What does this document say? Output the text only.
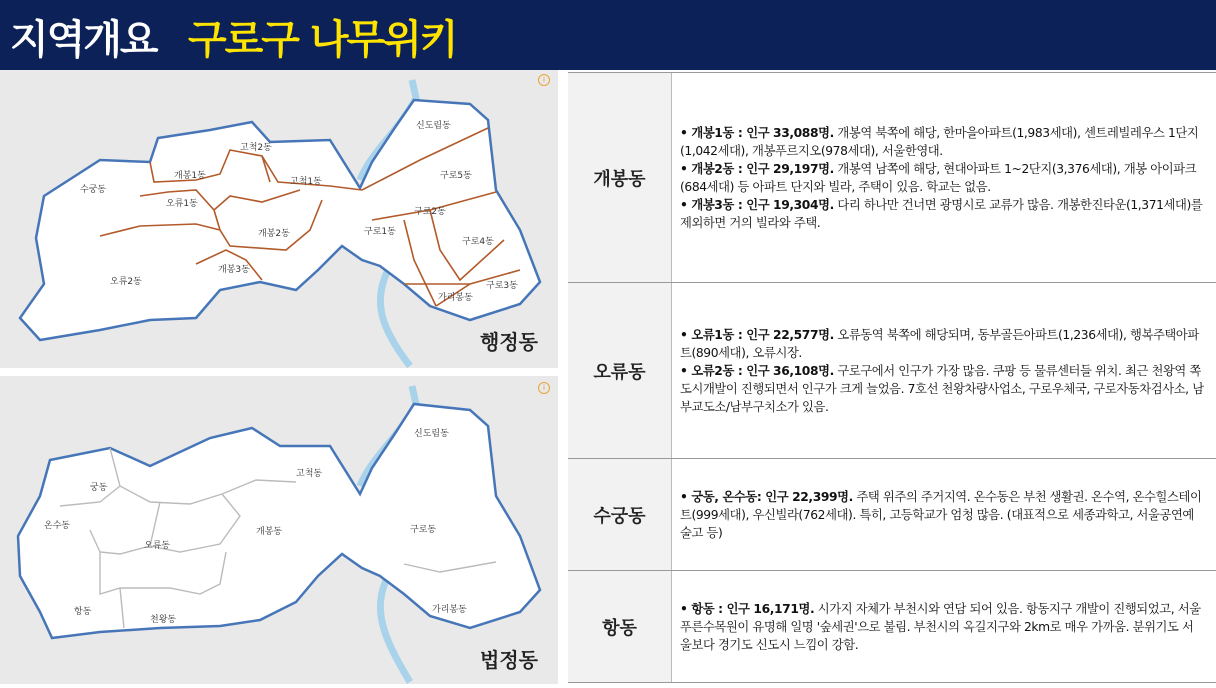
지역개요 구로구 나무위키
i
신도림동
고척2동
개봉1동
고척1동
수궁동
오류1동
구로5동
구로2동
구로1동
개봉2동
구로4동
개봉3동
오류2동	구로3동
가리봉동
행정동
i
신도림동
고척동
궁동
온수동
오류동
개봉동	구로동
항동
천왕동
가리봉동
법정동
개봉동
• 개봉1동 : 인구 33,088명. 개봉역 북쪽에 해당, 한마을아파트(1,983세대), 센트레빌레우스 1단지(1,042세대), 개봉푸르지오(978세대), 서울한영대.
• 개봉2동 : 인구 29,197명. 개봉역 남쪽에 해당, 현대아파트 1~2단지(3,376세대), 개봉 아이파크(684세대) 등 아파트 단지와 빌라, 주택이 있음. 학교는 없음.
• 개봉3동 : 인구 19,304명. 다리 하나만 건너면 광명시로 교류가 많음. 개봉한진타운(1,371세대)를 제외하면 거의 빌라와 주택.
오류동
• 오류1동 : 인구 22,577명. 오류동역 북쪽에 해당되며, 동부골든아파트(1,236세대), 행복주택아파트(890세대), 오류시장.
• 오류2동 : 인구 36,108명. 구로구에서 인구가 가장 많음. 쿠팡 등 물류센터들 위치. 최근 천왕역 쪽 도시개발이 진행되면서 인구가 크게 늘었음. 7호선 천왕차량사업소, 구로우체국, 구로자동차검사소, 남부교도소/남부구치소가 있음.
수궁동
• 궁동, 온수동: 인구 22,399명. 주택 위주의 주거지역. 온수동은 부천 생활권. 온수역, 온수힐스테이트(999세대), 우신빌라(762세대). 특히, 고등학교가 엄청 많음. (대표적으로 세종과학고, 서울공연예술고 등)
항동
• 항동 : 인구 16,171명. 시가지 자체가 부천시와 연담 되어 있음. 항동지구 개발이 진행되었고, 서울푸른수목원이 유명해 일명 '숲세권'으로 불림. 부천시의 옥길지구와 2km로 매우 가까움. 분위기도 서울보다 경기도 신도시 느낌이 강함.
